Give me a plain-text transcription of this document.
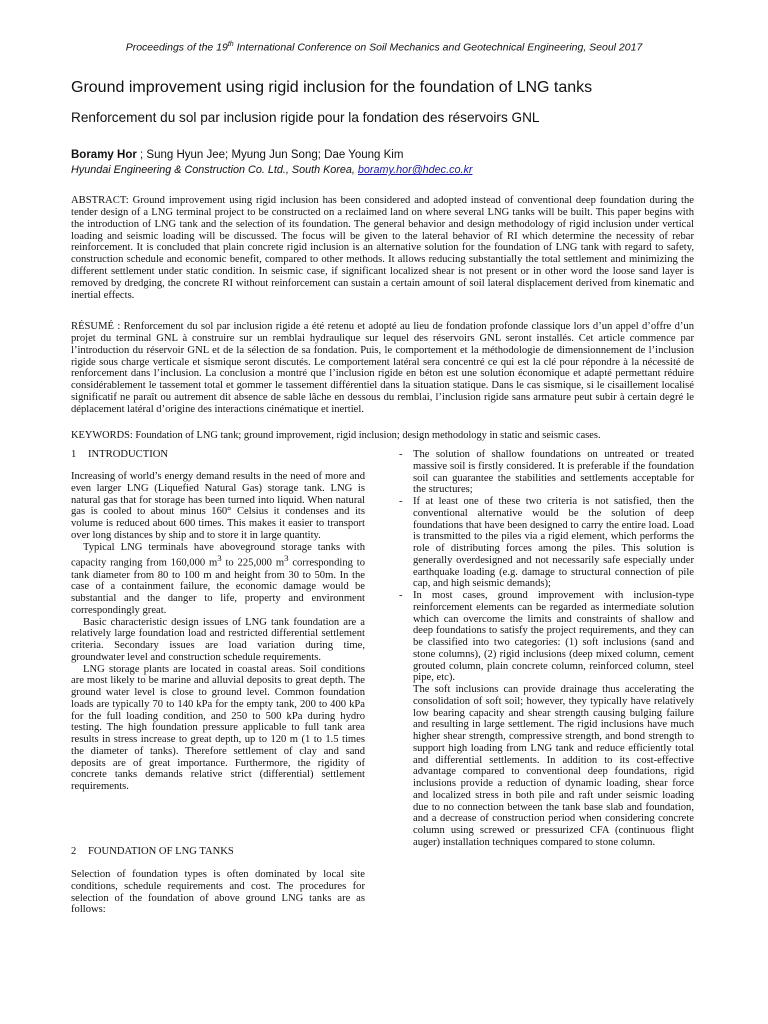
Proceedings of the 19th International Conference on Soil Mechanics and Geotechnical Engineering, Seoul 2017
Ground improvement using rigid inclusion for the foundation of LNG tanks
Renforcement du sol par inclusion rigide pour la fondation des réservoirs GNL
Boramy Hor ; Sung Hyun Jee; Myung Jun Song; Dae Young Kim
Hyundai Engineering & Construction Co. Ltd., South Korea, boramy.hor@hdec.co.kr

ABSTRACT: Ground improvement using rigid inclusion has been considered and adopted instead of conventional deep foundation during the tender design of a LNG terminal project to be constructed on a reclaimed land on where several LNG tanks will be built. This paper begins with the introduction of LNG tank and the selection of its foundation. The general behavior and design methodology of rigid inclusion under vertical loading and seismic loading will be discussed. The focus will be given to the lateral behavior of RI which determine the necessity of rebar reinforcement. It is concluded that plain concrete rigid inclusion is an alternative solution for the foundation of LNG tank with regard to safety, construction schedule and economic benefit, compared to other methods. It allows reducing substantially the total settlement and minimizing the different settlement under static condition. In seismic case, if significant localized shear is not present or in other word the loose sand layer is removed by dredging, the concrete RI without reinforcement can sustain a certain amount of soil lateral displacement derived from kinematic and inertial effects.

RÉSUMÉ : Renforcement du sol par inclusion rigide a été retenu et adopté au lieu de fondation profonde classique lors d’un appel d’offre d’un projet du terminal GNL à construire sur un remblai hydraulique sur lequel des réservoirs GNL seront installés. Cet article commence par l’introduction du réservoir GNL et de la sélection de sa fondation. Puis, le comportement et la méthodologie de dimensionnement de l’inclusion rigide sous charge verticale et sismique seront discutés. Le comportement latéral sera concentré ce qui est la clé pour répondre à la nécessité de renforcement dans l’inclusion. La conclusion a montré que l’inclusion rigide en béton est une solution économique et adapté permettant réduire considérablement le tassement total et gommer le tassement différentiel dans la situation statique. Dans le cas sismique, si le cisaillement localisé significatif ne paraît ou autrement dit absence de sable lâche en dessous du remblai, l’inclusion rigide sans armature peut subir à certain degré le déplacement latéral d’origine des interactions cinématique et inertiel.

KEYWORDS: Foundation of LNG tank; ground improvement, rigid inclusion; design methodology in static and seismic cases.

1 INTRODUCTION

Increasing of world’s energy demand results in the need of more and even larger LNG (Liquefied Natural Gas) storage tank. LNG is natural gas that for storage has been turned into liquid. When natural gas is cooled to about minus 160° Celsius it condenses and its volume is reduced about 600 times. This makes it easier to transport over long distances by ship and to store it in large quantity.

Typical LNG terminals have aboveground storage tanks with capacity ranging from 160,000 $m^3$ to 225,000 $m^3$ corresponding to tank diameter from 80 to 100 m and height from 30 to 50m. In the case of a containment failure, the economic damage would be substantial and the danger to life, property and environment correspondingly great.

Basic characteristic design issues of LNG tank foundation are a relatively large foundation load and restricted differential settlement criteria. Secondary issues are load variation during time, groundwater level and construction schedule requirements.

LNG storage plants are located in coastal areas. Soil conditions are most likely to be marine and alluvial deposits to great depth. The ground water level is close to ground level. Common foundation loads are typically 70 to 140 kPa for the empty tank, 200 to 400 kPa for the full loading condition, and 250 to 500 kPa during hydro testing. The high foundation pressure applicable to full tank area results in stress increase to great depth, up to 120 m (1 to 1.5 times the diameter of tanks). Therefore settlement of clay and sand deposits are of great importance. Furthermore, the rigidity of concrete tanks demands relative strict (differential) settlement requirements.

2 FOUNDATION OF LNG TANKS

Selection of foundation types is often dominated by local site conditions, schedule requirements and cost. The procedures for selection of the foundation of above ground LNG tanks are as follows:

- The solution of shallow foundations on untreated or treated massive soil is firstly considered. It is preferable if the foundation soil can guarantee the stabilities and settlements acceptable for the structures;
- If at least one of these two criteria is not satisfied, then the conventional alternative would be the solution of deep foundations that have been designed to carry the entire load. Load is transmitted to the piles via a rigid element, which performs the role of distributing forces among the piles. This solution is generally overdesigned and not necessarily safe especially under earthquake loading (e.g. damage to structural connection of pile cap, and high seismic demands);
- In most cases, ground improvement with inclusion-type reinforcement elements can be regarded as intermediate solution which can overcome the limits and constraints of shallow and deep foundations to satisfy the project requirements, and they can be classified into two categories: (1) soft inclusions (sand and stone columns), (2) rigid inclusions (deep mixed column, cement grouted column, plain concrete column, reinforced column, steel pipe, etc).

The soft inclusions can provide drainage thus accelerating the consolidation of soft soil; however, they typically have relatively low bearing capacity and shear strength causing bulging failure and resulting in large settlement. The rigid inclusions have much higher shear strength, compressive strength, and bond strength to support high loading from LNG tank and reduce efficiently total and differential settlements. In addition to its cost-effective advantage compared to conventional deep foundations, rigid inclusions provide a reduction of dynamic loading, shear force and localized stress in both pile and raft under seismic loading due to no connection between the tank base slab and foundation, and a decrease of construction period when considering concrete column using screwed or pressurized CFA (continuous flight auger) installation techniques compared to stone column.
